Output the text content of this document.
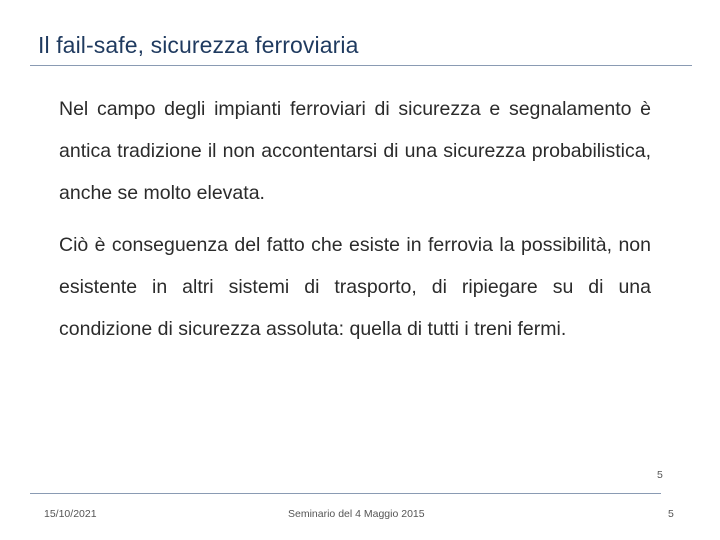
Il fail-safe, sicurezza ferroviaria

Nel campo degli impianti ferroviari di sicurezza e segnalamento è antica tradizione il non accontentarsi di una sicurezza probabilistica, anche se molto elevata.

Ciò è conseguenza del fatto che esiste in ferrovia la possibilità, non esistente in altri sistemi di trasporto, di ripiegare su di una condizione di sicurezza assoluta: quella di tutti i treni fermi.

5
15/10/2021	Seminario del 4 Maggio 2015	5
